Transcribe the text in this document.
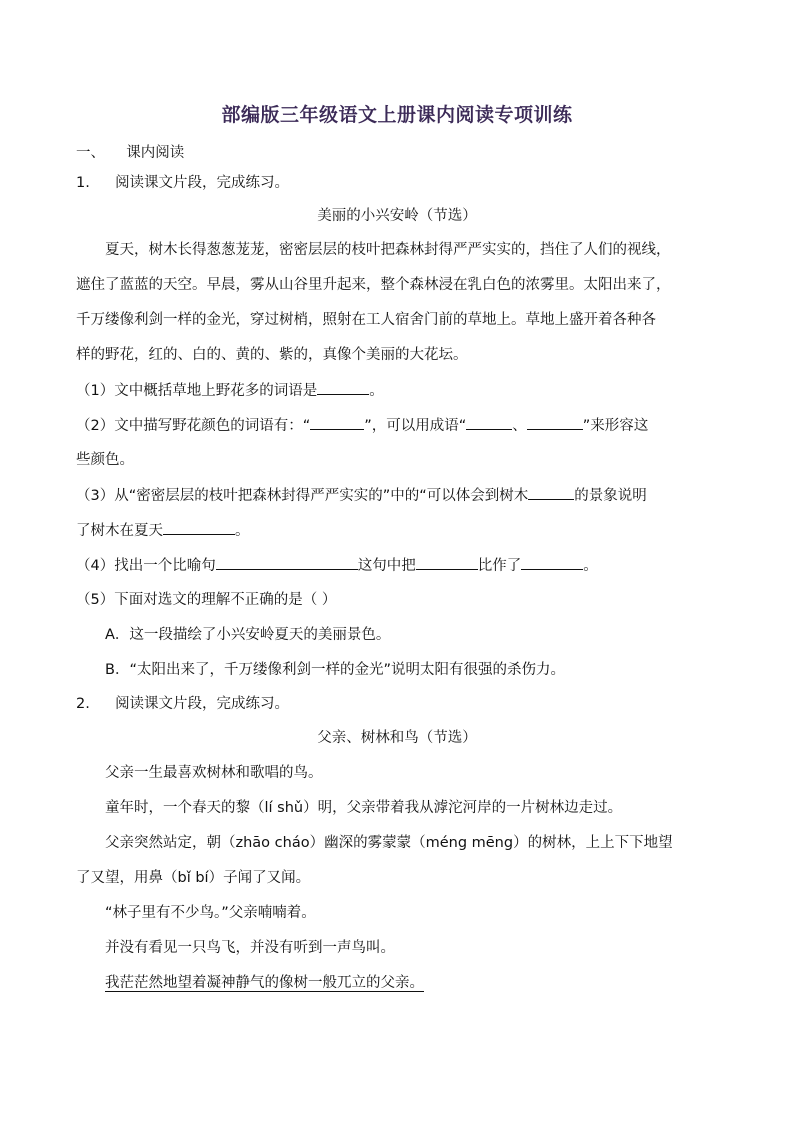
部编版三年级语文上册课内阅读专项训练
一、 课内阅读
1. 阅读课文片段，完成练习。
美丽的小兴安岭（节选）
夏天，树木长得葱葱茏茏，密密层层的枝叶把森林封得严严实实的，挡住了人们的视线，
遮住了蓝蓝的天空。早晨，雾从山谷里升起来，整个森林浸在乳白色的浓雾里。太阳出来了，
千万缕像利剑一样的金光，穿过树梢，照射在工人宿舍门前的草地上。草地上盛开着各种各
样的野花，红的、白的、黄的、紫的，真像个美丽的大花坛。
（1）文中概括草地上野花多的词语是	。
（2）文中描写野花颜色的词语有：“	”，可以用成语“	、	”来形容这
些颜色。
（3）从“密密层层的枝叶把森林封得严严实实的”中的“可以体会到树木	的景象说明
了树木在夏天	。
（4）找出一个比喻句	这句中把	比作了	。
（5）下面对选文的理解不正确的是（ ）
A．这一段描绘了小兴安岭夏天的美丽景色。
B．“太阳出来了，千万缕像利剑一样的金光”说明太阳有很强的杀伤力。
2. 阅读课文片段，完成练习。
父亲、树林和鸟（节选）
父亲一生最喜欢树林和歌唱的鸟。
童年时，一个春天的黎（lí shǔ）明，父亲带着我从滹沱河岸的一片树林边走过。
父亲突然站定，朝（zhāo cháo）幽深的雾蒙蒙（méng mēng）的树林，上上下下地望
了又望，用鼻（bǐ bí）子闻了又闻。
“林子里有不少鸟。”父亲喃喃着。
并没有看见一只鸟飞，并没有听到一声鸟叫。
我茫茫然地望着凝神静气的像树一般兀立的父亲。
